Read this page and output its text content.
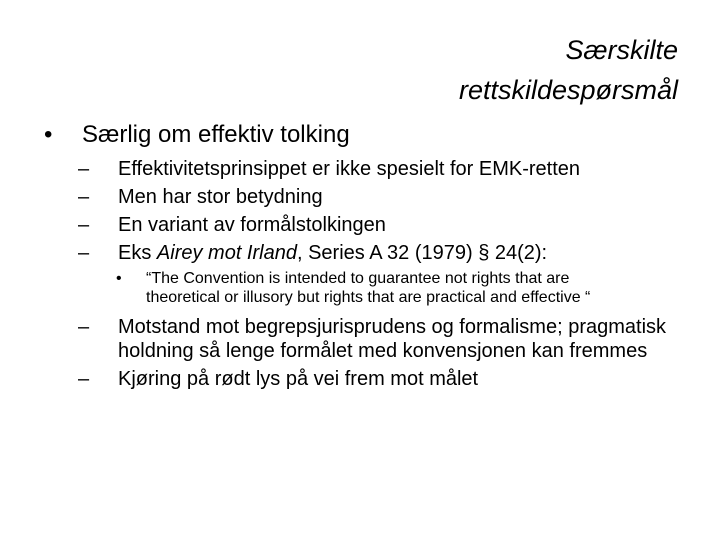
Særskilte
rettskildespørsmål
•	Særlig om effektiv tolking
– Effektivitetsprinsippet er ikke spesielt for EMK-retten
– Men har stor betydning
– En variant av formålstolkingen
– Eks Airey mot Irland, Series A 32 (1979) § 24(2):
• “The Convention is intended to guarantee not rights that are theoretical or illusory but rights that are practical and effective “
– Motstand mot begrepsjurisprudens og formalisme; pragmatisk holdning så lenge formålet med konvensjonen kan fremmes
– Kjøring på rødt lys på vei frem mot målet
